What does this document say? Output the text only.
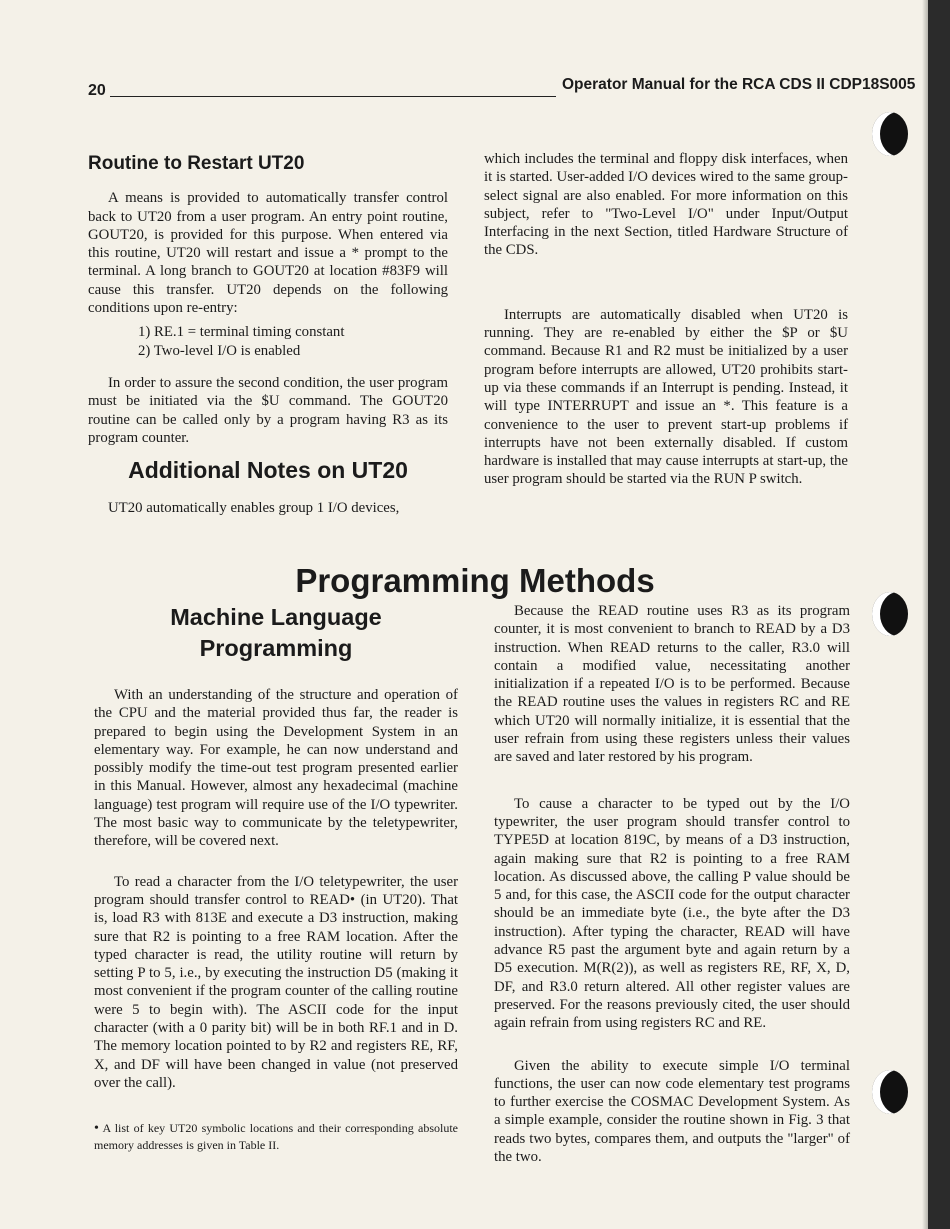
20	Operator Manual for the RCA CDS II CDP18S005
Routine to Restart UT20

A means is provided to automatically transfer control back to UT20 from a user program. An entry point routine, GOUT20, is provided for this purpose. When entered via this routine, UT20 will restart and issue a * prompt to the terminal. A long branch to GOUT20 at location #83F9 will cause this transfer. UT20 depends on the following conditions upon re-entry:

1) RE.1 = terminal timing constant
2) Two-level I/O is enabled

In order to assure the second condition, the user program must be initiated via the $U command. The GOUT20 routine can be called only by a program having R3 as its program counter.

Additional Notes on UT20

UT20 automatically enables group 1 I/O devices,

which includes the terminal and floppy disk interfaces, when it is started. User-added I/O devices wired to the same group-select signal are also enabled. For more information on this subject, refer to "Two-Level I/O" under Input/Output Interfacing in the next Section, titled Hardware Structure of the CDS.

Interrupts are automatically disabled when UT20 is running. They are re-enabled by either the $P or $U command. Because R1 and R2 must be initialized by a user program before interrupts are allowed, UT20 prohibits start-up via these commands if an Interrupt is pending. Instead, it will type INTERRUPT and issue an *. This feature is a convenience to the user to prevent start-up problems if interrupts have not been externally disabled. If custom hardware is installed that may cause interrupts at start-up, the user program should be started via the RUN P switch.

Programming Methods
Machine Language
Programming

With an understanding of the structure and operation of the CPU and the material provided thus far, the reader is prepared to begin using the Development System in an elementary way. For example, he can now understand and possibly modify the time-out test program presented earlier in this Manual. However, almost any hexadecimal (machine language) test program will require use of the I/O typewriter. The most basic way to communicate by the teletypewriter, therefore, will be covered next.

To read a character from the I/O teletypewriter, the user program should transfer control to READ• (in UT20). That is, load R3 with 813E and execute a D3 instruction, making sure that R2 is pointing to a free RAM location. After the typed character is read, the utility routine will return by setting P to 5, i.e., by executing the instruction D5 (making it most convenient if the program counter of the calling routine were 5 to begin with). The ASCII code for the input character (with a 0 parity bit) will be in both RF.1 and in D. The memory location pointed to by R2 and registers RE, RF, X, and DF will have been changed in value (not preserved over the call).

• A list of key UT20 symbolic locations and their corresponding absolute memory addresses is given in Table II.

Because the READ routine uses R3 as its program counter, it is most convenient to branch to READ by a D3 instruction. When READ returns to the caller, R3.0 will contain a modified value, necessitating another initialization if a repeated I/O is to be performed. Because the READ routine uses the values in registers RC and RE which UT20 will normally initialize, it is essential that the user refrain from using these registers unless their values are saved and later restored by his program.

To cause a character to be typed out by the I/O typewriter, the user program should transfer control to TYPE5D at location 819C, by means of a D3 instruction, again making sure that R2 is pointing to a free RAM location. As discussed above, the calling P value should be 5 and, for this case, the ASCII code for the output character should be an immediate byte (i.e., the byte after the D3 instruction). After typing the character, READ will have advance R5 past the argument byte and again return by a D5 execution. M(R(2)), as well as registers RE, RF, X, D, DF, and R3.0 return altered. All other register values are preserved. For the reasons previously cited, the user should again refrain from using registers RC and RE.

Given the ability to execute simple I/O terminal functions, the user can now code elementary test programs to further exercise the COSMAC Development System. As a simple example, consider the routine shown in Fig. 3 that reads two bytes, compares them, and outputs the "larger" of the two.
